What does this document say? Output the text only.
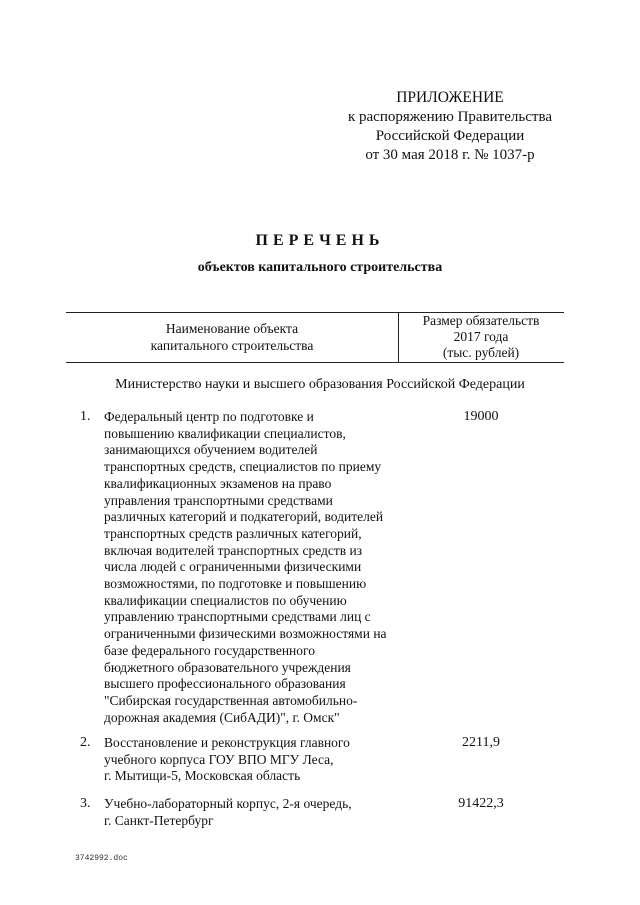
ПРИЛОЖЕНИЕ
к распоряжению Правительства
Российской Федерации
от 30 мая 2018 г. № 1037-р
ПЕРЕЧЕНЬ
объектов капитального строительства
Наименование объекта
капитального строительства
Размер обязательств
2017 года
(тыс. рублей)
Министерство науки и высшего образования Российской Федерации
1. Федеральный центр по подготовке и
повышению квалификации специалистов,
занимающихся обучением водителей
транспортных средств, специалистов по приему
квалификационных экзаменов на право
управления транспортными средствами
различных категорий и подкатегорий, водителей
транспортных средств различных категорий,
включая водителей транспортных средств из
числа людей с ограниченными физическими
возможностями, по подготовке и повышению
квалификации специалистов по обучению
управлению транспортными средствами лиц с
ограниченными физическими возможностями на
базе федерального государственного
бюджетного образовательного учреждения
высшего профессионального образования
"Сибирская государственная автомобильно-
дорожная академия (СибАДИ)", г. Омск"
19000
2. Восстановление и реконструкция главного
учебного корпуса ГОУ ВПО МГУ Леса,
г. Мытищи-5, Московская область
2211,9
3. Учебно-лабораторный корпус, 2-я очередь,
г. Санкт-Петербург
91422,3
3742992.doc
